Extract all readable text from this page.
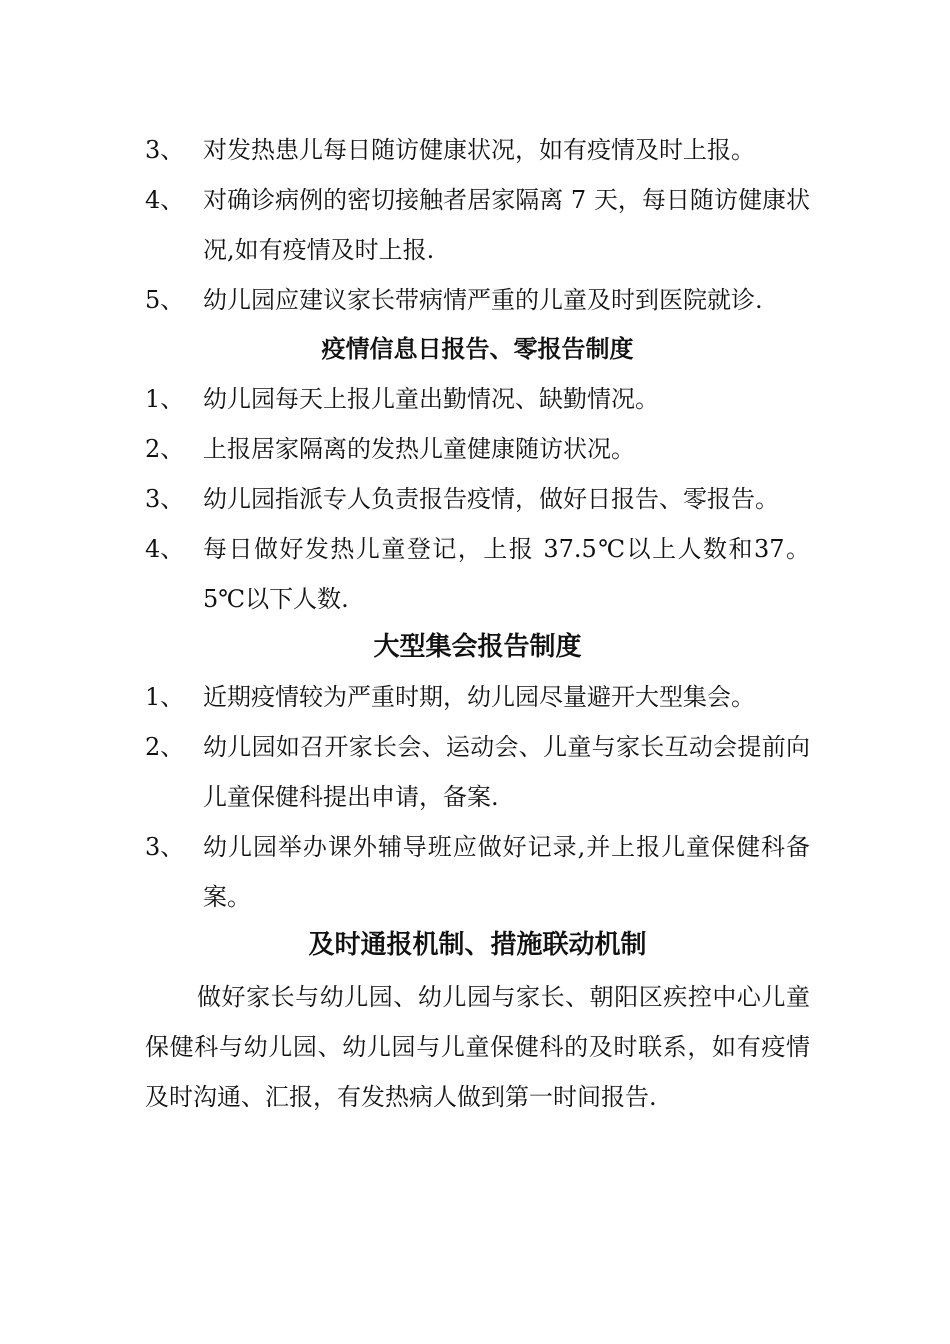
3、 对发热患儿每日随访健康状况，如有疫情及时上报。
4、 对确诊病例的密切接触者居家隔离 7 天，每日随访健康状况,如有疫情及时上报.
5、 幼儿园应建议家长带病情严重的儿童及时到医院就诊.
疫情信息日报告、零报告制度
1、 幼儿园每天上报儿童出勤情况、缺勤情况。
2、 上报居家隔离的发热儿童健康随访状况。
3、 幼儿园指派专人负责报告疫情，做好日报告、零报告。
4、 每日做好发热儿童登记，上报 37.5℃以上人数和37。5℃以下人数.
大型集会报告制度
1、 近期疫情较为严重时期，幼儿园尽量避开大型集会。
2、 幼儿园如召开家长会、运动会、儿童与家长互动会提前向儿童保健科提出申请，备案.
3、 幼儿园举办课外辅导班应做好记录,并上报儿童保健科备案。
及时通报机制、措施联动机制
做好家长与幼儿园、幼儿园与家长、朝阳区疾控中心儿童保健科与幼儿园、幼儿园与儿童保健科的及时联系，如有疫情及时沟通、汇报，有发热病人做到第一时间报告.
